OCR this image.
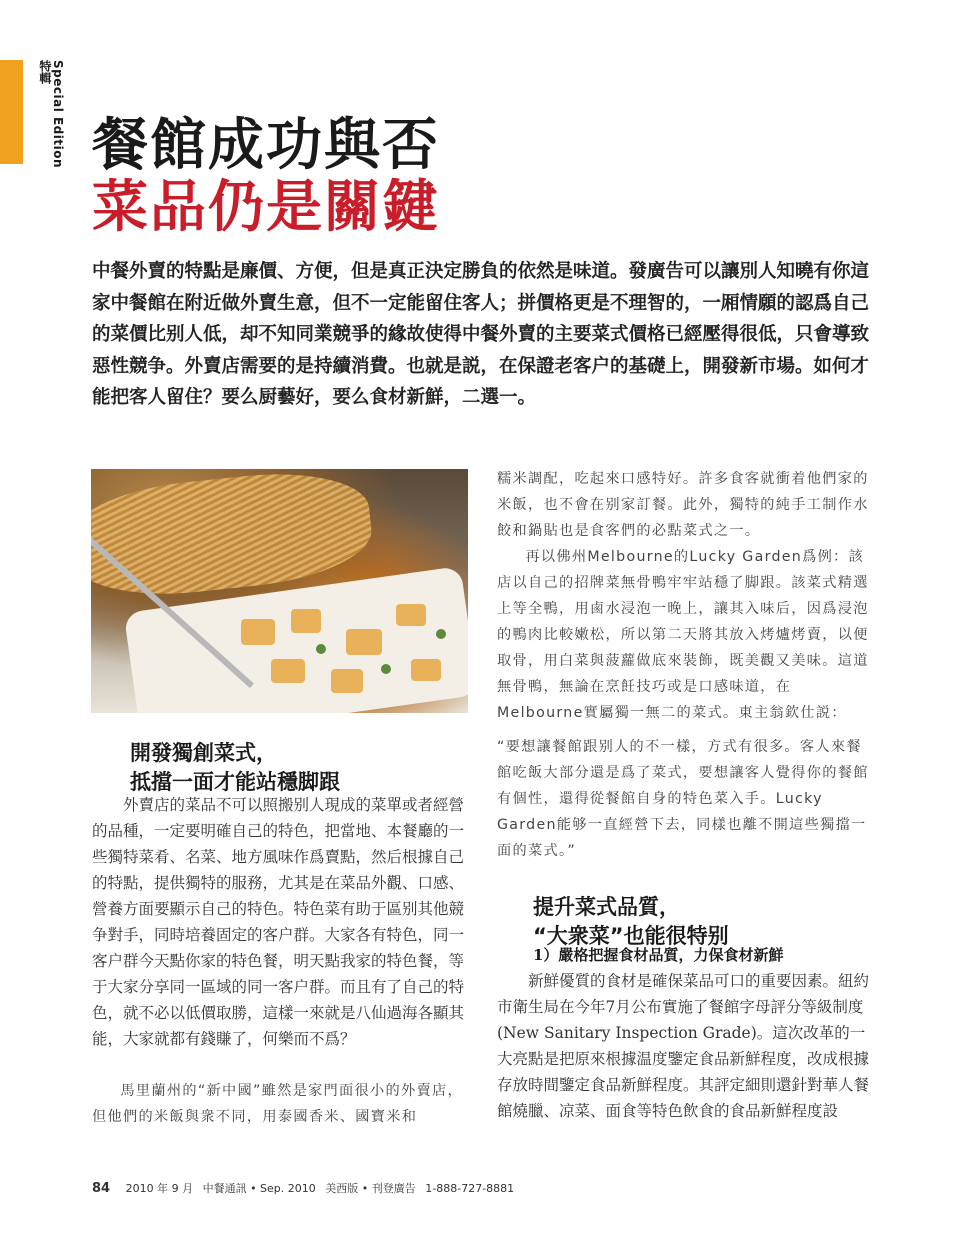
Special Edition 特輯
餐館成功與否
菜品仍是關鍵

中餐外賣的特點是廉價、方便，但是真正決定勝負的依然是味道。發廣告可以讓別人知曉有你這家中餐館在附近做外賣生意，但不一定能留住客人；拼價格更是不理智的，一厢情願的認爲自己的菜價比别人低，却不知同業競爭的緣故使得中餐外賣的主要菜式價格已經壓得很低，只會導致惡性競争。外賣店需要的是持續消費。也就是説，在保證老客户的基礎上，開發新市場。如何才能把客人留住？要么厨藝好，要么食材新鮮，二選一。

開發獨創菜式，
抵擋一面才能站穩脚跟

外賣店的菜品不可以照搬别人現成的菜單或者經營的品種，一定要明確自己的特色，把當地、本餐廳的一些獨特菜肴、名菜、地方風味作爲賣點，然后根據自己的特點，提供獨特的服務，尤其是在菜品外觀、口感、營養方面要顯示自己的特色。特色菜有助于區别其他競争對手，同時培養固定的客户群。大家各有特色，同一客户群今天點你家的特色餐，明天點我家的特色餐，等于大家分享同一區域的同一客户群。而且有了自己的特色，就不必以低價取勝，這樣一來就是八仙過海各顯其能，大家就都有錢賺了，何樂而不爲？

馬里蘭州的“新中國”雖然是家門面很小的外賣店，但他們的米飯與衆不同，用泰國香米、國寶米和

糯米調配，吃起來口感特好。許多食客就衝着他們家的米飯，也不會在别家訂餐。此外，獨特的純手工制作水餃和鍋貼也是食客們的必點菜式之一。

再以佛州Melbourne的Lucky Garden爲例：該店以自己的招牌菜無骨鴨牢牢站穩了脚跟。該菜式精選上等全鴨，用鹵水浸泡一晚上，讓其入味后，因爲浸泡的鴨肉比較嫩松，所以第二天將其放入烤爐烤賣，以便取骨，用白菜與菠蘿做底來裝飾，既美觀又美味。這道無骨鴨，無論在烹飪技巧或是口感味道，在Melbourne實屬獨一無二的菜式。東主翁欽仕説：

“要想讓餐館跟别人的不一樣，方式有很多。客人來餐館吃飯大部分還是爲了菜式，要想讓客人覺得你的餐館有個性，還得從餐館自身的特色菜入手。Lucky Garden能够一直經營下去，同樣也離不開這些獨擋一面的菜式。”

提升菜式品質，
“大衆菜”也能很特别
1）嚴格把握食材品質，力保食材新鮮

新鮮優質的食材是確保菜品可口的重要因素。紐約市衛生局在今年7月公布實施了餐館字母評分等級制度(New Sanitary Inspection Grade)。這次改革的一大亮點是把原來根據温度鑒定食品新鮮程度，改成根據存放時間鑒定食品新鮮程度。其評定細則還針對華人餐館燒臘、凉菜、面食等特色飲食的食品新鮮程度設

84 2010 年 9 月 中餐通訊 • Sep. 2010 美西版 • 刊登廣告 1-888-727-8881
